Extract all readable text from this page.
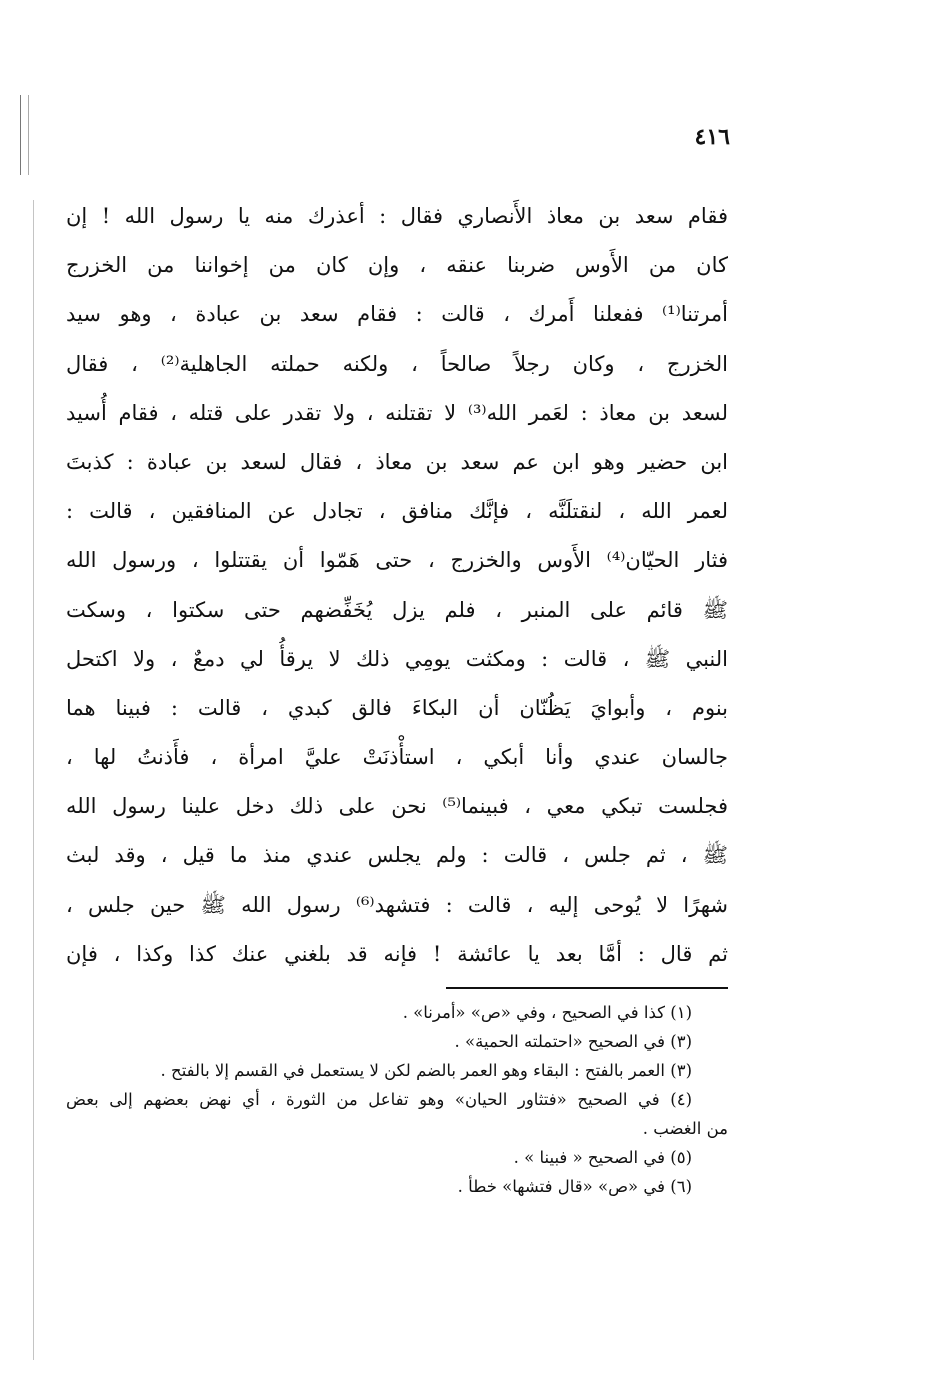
٤١٦
فقام سعد بن معاذ الأَنصاري فقال : أعذرك منه يا رسول الله ! إن
كان من الأَوس ضربنا عنقه ، وإن كان من إخواننا من الخزرج
أمرتنا⁽¹⁾ ففعلنا أَمرك ، قالت : فقام سعد بن عبادة ، وهو سيد
الخزرج ، وكان رجلاً صالحاً ، ولكنه حملته الجاهلية⁽²⁾ ، فقال
لسعد بن معاذ : لعَمر الله⁽³⁾ لا تقتلنه ، ولا تقدر على قتله ، فقام أُسيد
ابن حضير وهو ابن عم سعد بن معاذ ، فقال لسعد بن عبادة : كذبتَ
لعمر الله ، لنقتلَنَّه ، فإنَّك منافق ، تجادل عن المنافقين ، قالت :
فثار الحيّان⁽⁴⁾ الأَوس والخزرج ، حتى هَمّوا أن يقتتلوا ، ورسول الله
ﷺ قائم على المنبر ، فلم يزل يُخَفِّضهم حتى سكتوا ، وسكت
النبي ﷺ ، قالت : ومكثت يومِي ذلك لا يرقأُ لي دمعٌ ، ولا اكتحل
بنوم ، وأبوايَ يَظُنّان أن البكاءَ فالق كبدي ، قالت : فبينا هما
جالسان عندي وأنا أبكي ، استأْذنَتْ عليَّ امرأة ، فأَذنتُ لها ،
فجلست تبكي معي ، فبينما⁽⁵⁾ نحن على ذلك دخل علينا رسول الله
ﷺ ، ثم جلس ، قالت : ولم يجلس عندي منذ ما قيل ، وقد لبث
شهرًا لا يُوحى إليه ، قالت : فتشهد⁽⁶⁾ رسول الله ﷺ حين جلس ،
ثم قال : أمَّا بعد يا عائشة ! فإنه قد بلغني عنك كذا وكذا ، فإن
(١) كذا في الصحيح ، وفي «ص» «أمرنا» .
(٣) في الصحيح «احتملته الحمية» .
(٣) العمر بالفتح : البقاء وهو العمر بالضم لكن لا يستعمل في القسم إلا بالفتح .
(٤) في الصحيح «فتثاور الحيان» وهو تفاعل من الثورة ، أي نهض بعضهم إلى بعض
من الغضب .
(٥) في الصحيح « فبينا » .
(٦) في «ص» «قال فتشها» خطأ .
